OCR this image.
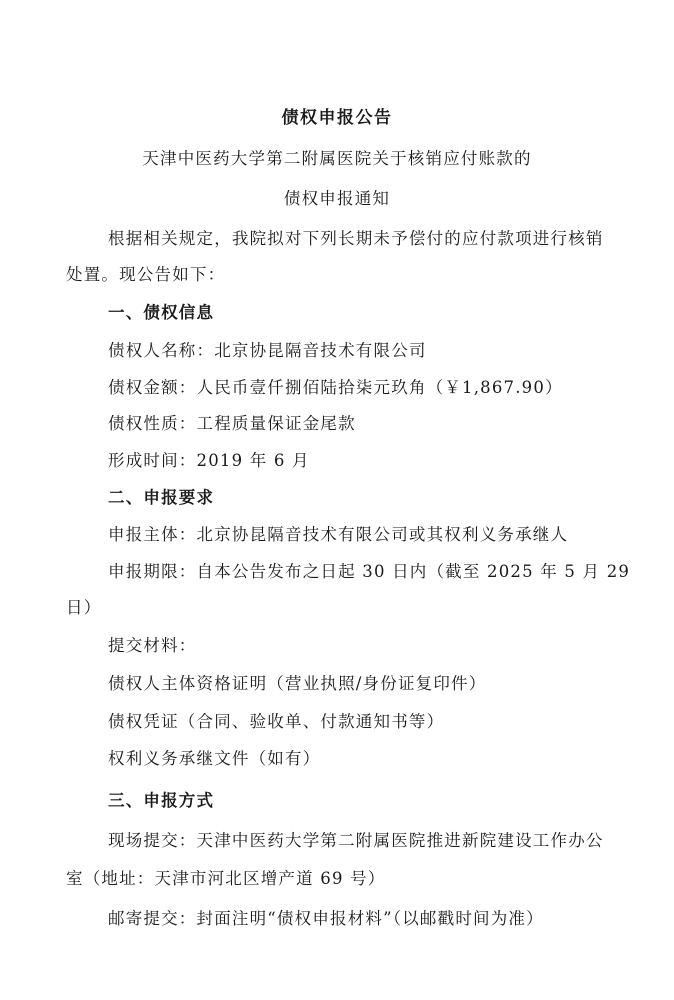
债权申报公告
天津中医药大学第二附属医院关于核销应付账款的
债权申报通知
根据相关规定，我院拟对下列长期未予偿付的应付款项进行核销
处置。现公告如下：
一、债权信息
债权人名称：北京协昆隔音技术有限公司
债权金额：人民币壹仟捌佰陆拾柒元玖角（￥1,867.90）
债权性质：工程质量保证金尾款
形成时间：2019 年 6 月
二、申报要求
申报主体：北京协昆隔音技术有限公司或其权利义务承继人
申报期限：自本公告发布之日起 30 日内（截至 2025 年 5 月 29
日）
提交材料：
债权人主体资格证明（营业执照/身份证复印件）
债权凭证（合同、验收单、付款通知书等）
权利义务承继文件（如有）
三、申报方式
现场提交：天津中医药大学第二附属医院推进新院建设工作办公
室（地址：天津市河北区增产道 69 号）
邮寄提交：封面注明“债权申报材料”（以邮戳时间为准）
